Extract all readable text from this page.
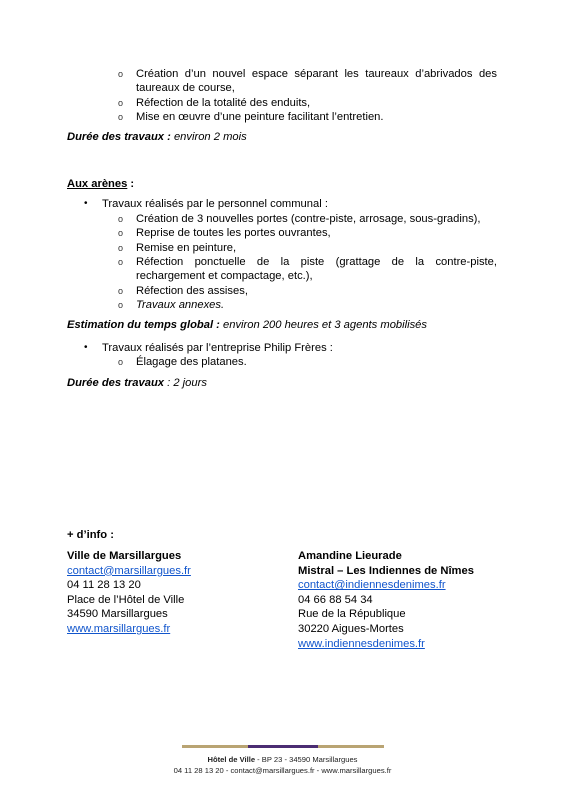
o Création d’un nouvel espace séparant les taureaux d’abrivados des
taureaux de course,
o Réfection de la totalité des enduits,
o Mise en œuvre d’une peinture facilitant l’entretien.
Durée des travaux : environ 2 mois
Aux arènes :
• Travaux réalisés par le personnel communal :
o Création de 3 nouvelles portes (contre-piste, arrosage, sous-gradins),
o Reprise de toutes les portes ouvrantes,
o Remise en peinture,
o Réfection ponctuelle de la piste (grattage de la contre-piste,
rechargement et compactage, etc.),
o Réfection des assises,
o Travaux annexes.
Estimation du temps global : environ 200 heures et 3 agents mobilisés
• Travaux réalisés par l’entreprise Philip Frères :
o Élagage des platanes.
Durée des travaux : 2 jours
+ d’info :
Ville de Marsillargues
contact@marsillargues.fr
04 11 28 13 20
Place de l’Hôtel de Ville
34590 Marsillargues
www.marsillargues.fr
Amandine Lieurade
Mistral – Les Indiennes de Nîmes
contact@indiennesdenimes.fr
04 66 88 54 34
Rue de la République
30220 Aigues-Mortes
www.indiennesdenimes.fr
Hôtel de Ville - BP 23 - 34590 Marsillargues
04 11 28 13 20 - contact@marsillargues.fr - www.marsillargues.fr
